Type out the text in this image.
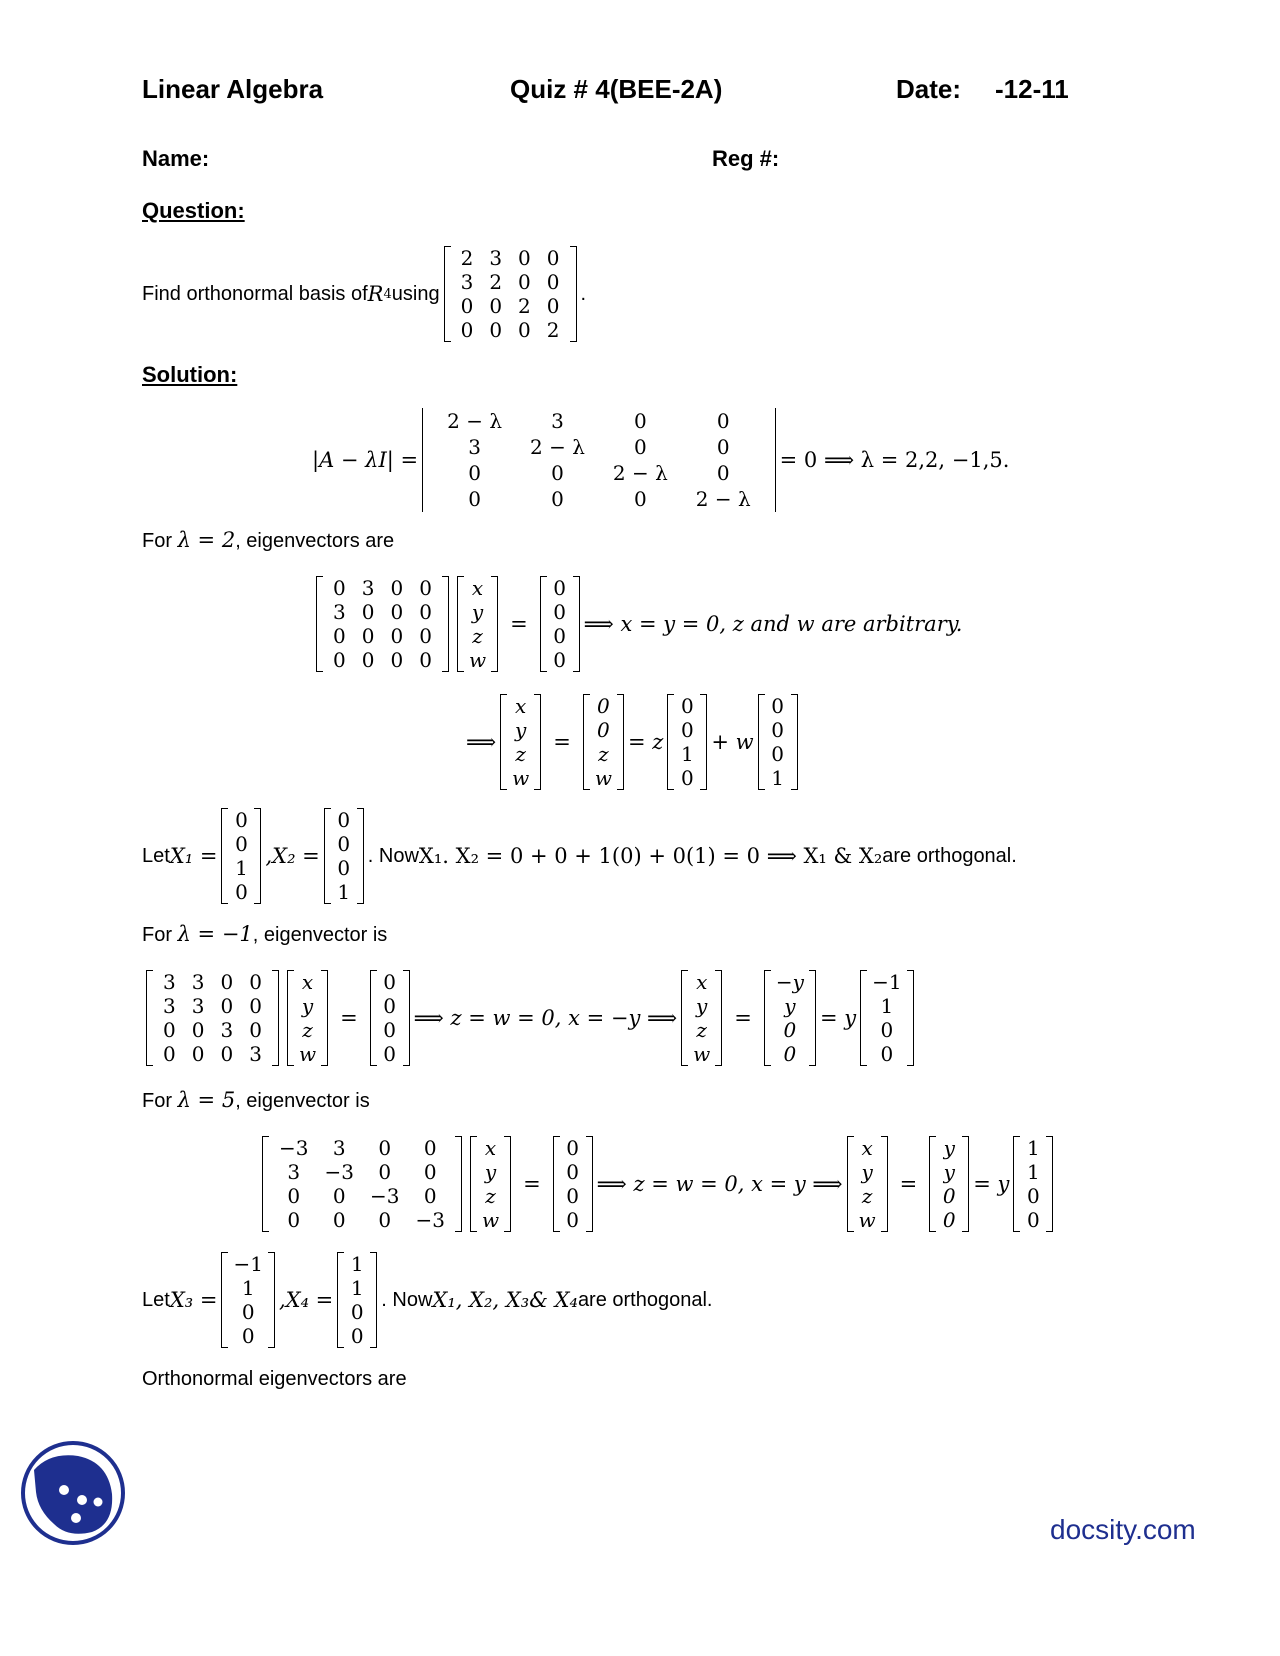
Linear Algebra	Quiz # 4(BEE-2A)	Date: -12-11
Name:	Reg #:
Question:
Find orthonormal basis of R 4 using
2	3	0	0
3	2	0	0
0	0	2	0
0	0	0	2
.
Solution:
|A − λI| =
2 − λ	3	0	0
3	2 − λ	0	0
0	0	2 − λ	0
0	0	0	2 − λ
= 0 ⟹ λ = 2,2, −1,5.
For λ = 2, eigenvectors are
0	3	0	0
3	0	0	0
0	0	0	0
0	0	0	0
x
y
z
w
=
0
0
0
0
⟹ x = y = 0, z and w are arbitrary.
⟹
x
y
z
w
=
0
0
z
w
= z
0
0
1
0
+ w
0
0
0
1
Let X₁ =
0
0
1
0
,X₂ =
0
0
0
1
. Now X₁. X₂ = 0 + 0 + 1(0) + 0(1) = 0 ⟹ X₁ & X₂ are orthogonal.
For λ = −1, eigenvector is
3	3	0	0
3	3	0	0
0	0	3	0
0	0	0	3
x
y
z
w
=
0
0
0
0
⟹ z = w = 0, x = −y ⟹
x
y
z
w
=
−y
y
0
0
= y
−1
1
0
0
For λ = 5, eigenvector is
−3	3	0	0
3	−3	0	0
0	0	−3	0
0	0	0	−3
x
y
z
w
=
0
0
0
0
⟹ z = w = 0, x = y ⟹
x
y
z
w
=
y
y
0
0
= y
1
1
0
0
Let X₃ =
−1
1
0
0
,X₄ =
1
1
0
0
. Now X₁, X₂, X₃& X₄ are orthogonal.
Orthonormal eigenvectors are
docsity.com
